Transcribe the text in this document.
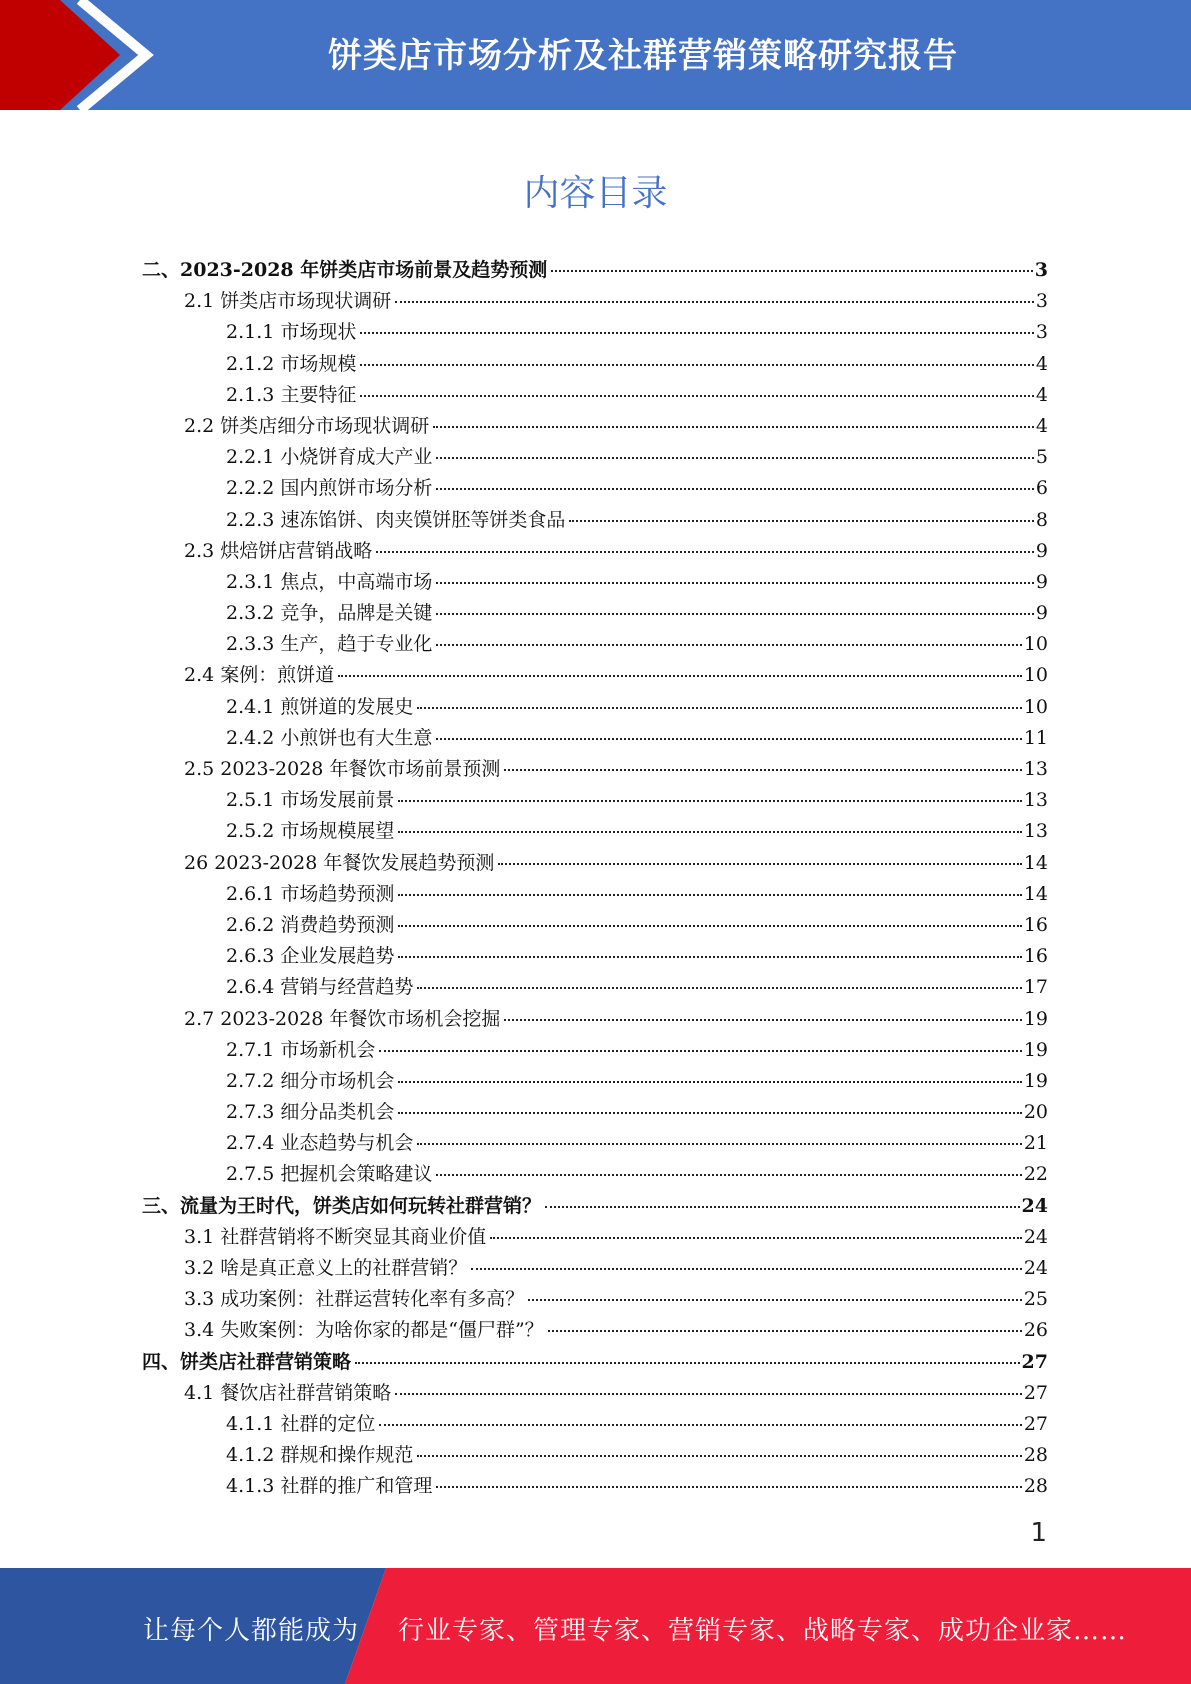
饼类店市场分析及社群营销策略研究报告
内容目录
二、2023-2028 年饼类店市场前景及趋势预测	3
2.1 饼类店市场现状调研	3
2.1.1 市场现状	3
2.1.2 市场规模	4
2.1.3 主要特征	4
2.2 饼类店细分市场现状调研	4
2.2.1 小烧饼育成大产业	5
2.2.2 国内煎饼市场分析	6
2.2.3 速冻馅饼、肉夹馍饼胚等饼类食品	8
2.3 烘焙饼店营销战略	9
2.3.1 焦点，中高端市场	9
2.3.2 竞争，品牌是关键	9
2.3.3 生产，趋于专业化	10
2.4 案例：煎饼道	10
2.4.1 煎饼道的发展史	10
2.4.2 小煎饼也有大生意	11
2.5 2023-2028 年餐饮市场前景预测	13
2.5.1 市场发展前景	13
2.5.2 市场规模展望	13
26 2023-2028 年餐饮发展趋势预测	14
2.6.1 市场趋势预测	14
2.6.2 消费趋势预测	16
2.6.3 企业发展趋势	16
2.6.4 营销与经营趋势	17
2.7 2023-2028 年餐饮市场机会挖掘	19
2.7.1 市场新机会	19
2.7.2 细分市场机会	19
2.7.3 细分品类机会	20
2.7.4 业态趋势与机会	21
2.7.5 把握机会策略建议	22
三、流量为王时代，饼类店如何玩转社群营销？	24
3.1 社群营销将不断突显其商业价值	24
3.2 啥是真正意义上的社群营销？	24
3.3 成功案例：社群运营转化率有多高？	25
3.4 失败案例：为啥你家的都是“僵尸群”？	26
四、饼类店社群营销策略	27
4.1 餐饮店社群营销策略	27
4.1.1 社群的定位	27
4.1.2 群规和操作规范	28
4.1.3 社群的推广和管理	28
1
让每个人都能成为 行业专家、管理专家、营销专家、战略专家、成功企业家……
